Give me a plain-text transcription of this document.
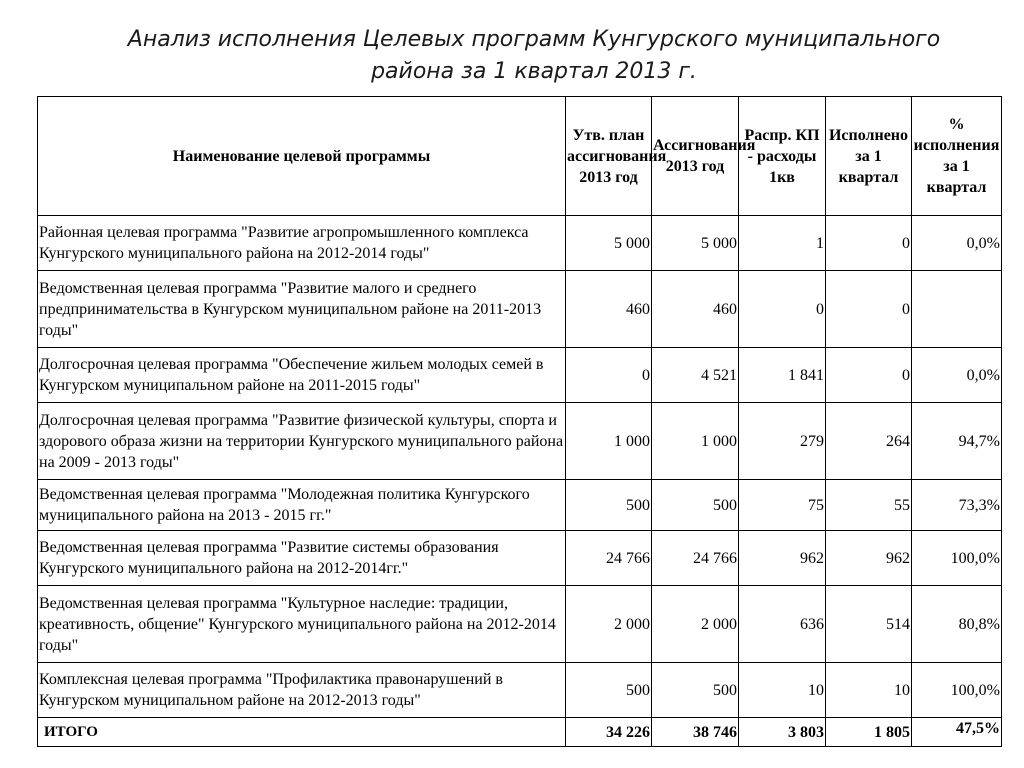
Анализ исполнения Целевых программ Кунгурского муниципального
района за 1 квартал 2013 г.
Наименование целевой программы	Утв. план ассигнования 2013 год	Ассигнования 2013 год	Распр. КП - расходы 1кв	Исполнено за 1 квартал	% исполнения за 1 квартал
Районная целевая программа "Развитие агропромышленного комплекса Кунгурского муниципального района на 2012-2014 годы"	5 000	5 000	1	0	0,0%
Ведомственная целевая программа "Развитие малого и среднего предпринимательства в Кунгурском муниципальном районе на 2011-2013 годы"	460	460	0	0	
Долгосрочная целевая программа "Обеспечение жильем молодых семей в Кунгурском муниципальном районе на 2011-2015 годы"	0	4 521	1 841	0	0,0%
Долгосрочная целевая программа "Развитие физической культуры, спорта и здорового образа жизни на территории Кунгурского муниципального района на 2009 - 2013 годы"	1 000	1 000	279	264	94,7%
Ведомственная целевая программа "Молодежная политика Кунгурского муниципального района на 2013 - 2015 гг."	500	500	75	55	73,3%
Ведомственная целевая программа "Развитие системы образования Кунгурского муниципального района на 2012-2014гг."	24 766	24 766	962	962	100,0%
Ведомственная целевая программа "Культурное наследие: традиции, креативность, общение" Кунгурского муниципального района на 2012-2014 годы"	2 000	2 000	636	514	80,8%
Комплексная целевая программа "Профилактика правонарушений в Кунгурском муниципальном районе на 2012-2013 годы"	500	500	10	10	100,0%
ИТОГО	34 226	38 746	3 803	1 805	47,5%
